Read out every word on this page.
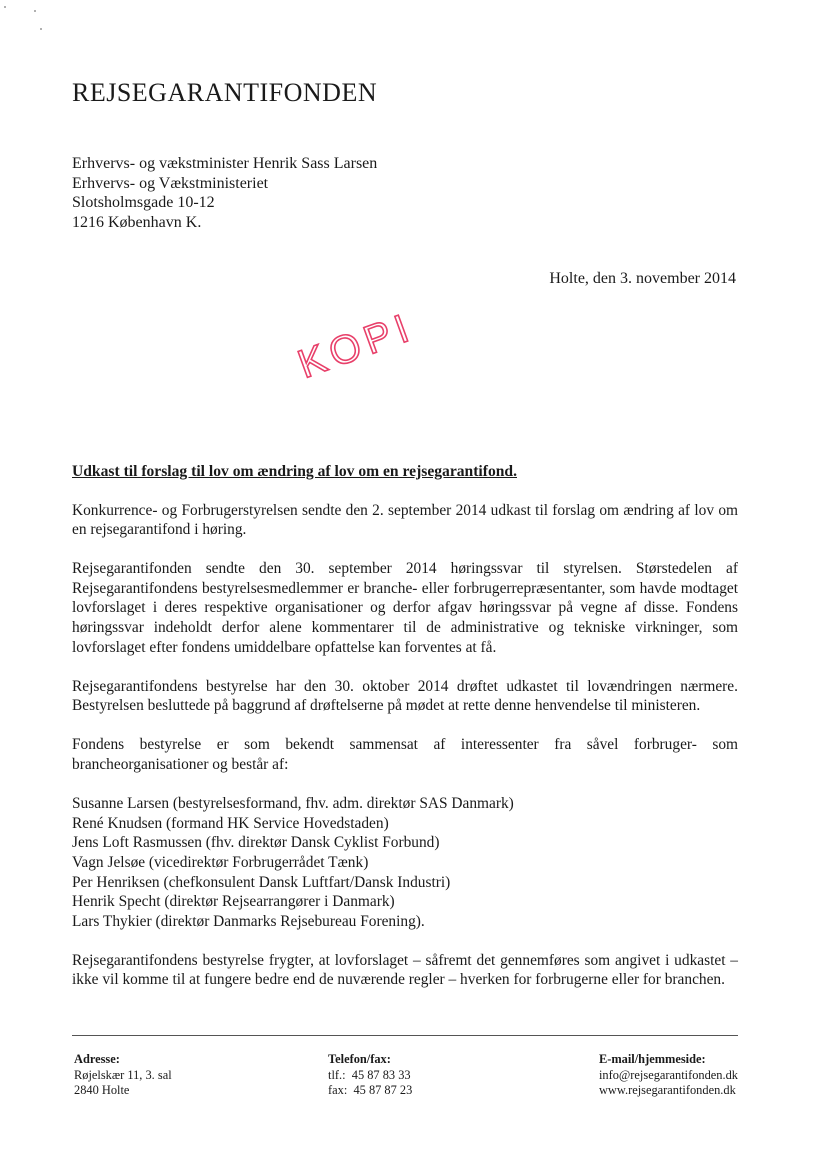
REJSEGARANTIFONDEN
Erhvervs- og vækstminister Henrik Sass Larsen
Erhvervs- og Vækstministeriet
Slotsholmsgade 10-12
1216 København K.
Holte, den 3. november 2014
KOPI
Udkast til forslag til lov om ændring af lov om en rejsegarantifond.

Konkurrence- og Forbrugerstyrelsen sendte den 2. september 2014 udkast til forslag om ændring af lov om en rejsegarantifond i høring.

Rejsegarantifonden sendte den 30. september 2014 høringssvar til styrelsen. Størstedelen af Rejsegarantifondens bestyrelsesmedlemmer er branche- eller forbrugerrepræsentanter, som havde modtaget lovforslaget i deres respektive organisationer og derfor afgav høringssvar på vegne af disse. Fondens høringssvar indeholdt derfor alene kommentarer til de administrative og tekniske virkninger, som lovforslaget efter fondens umiddelbare opfattelse kan forventes at få.

Rejsegarantifondens bestyrelse har den 30. oktober 2014 drøftet udkastet til lovændringen nærmere. Bestyrelsen besluttede på baggrund af drøftelserne på mødet at rette denne henvendelse til ministeren.

Fondens bestyrelse er som bekendt sammensat af interessenter fra såvel forbruger- som brancheorganisationer og består af:

Susanne Larsen (bestyrelsesformand, fhv. adm. direktør SAS Danmark)
René Knudsen (formand HK Service Hovedstaden)
Jens Loft Rasmussen (fhv. direktør Dansk Cyklist Forbund)
Vagn Jelsøe (vicedirektør Forbrugerrådet Tænk)
Per Henriksen (chefkonsulent Dansk Luftfart/Dansk Industri)
Henrik Specht (direktør Rejsearrangører i Danmark)
Lars Thykier (direktør Danmarks Rejsebureau Forening).

Rejsegarantifondens bestyrelse frygter, at lovforslaget – såfremt det gennemføres som angivet i udkastet – ikke vil komme til at fungere bedre end de nuværende regler – hverken for forbrugerne eller for branchen.

Adresse:
Røjelskær 11, 3. sal
2840 Holte
Telefon/fax:
tlf.:  45 87 83 33
fax:  45 87 87 23
E-mail/hjemmeside:
info@rejsegarantifonden.dk
www.rejsegarantifonden.dk
